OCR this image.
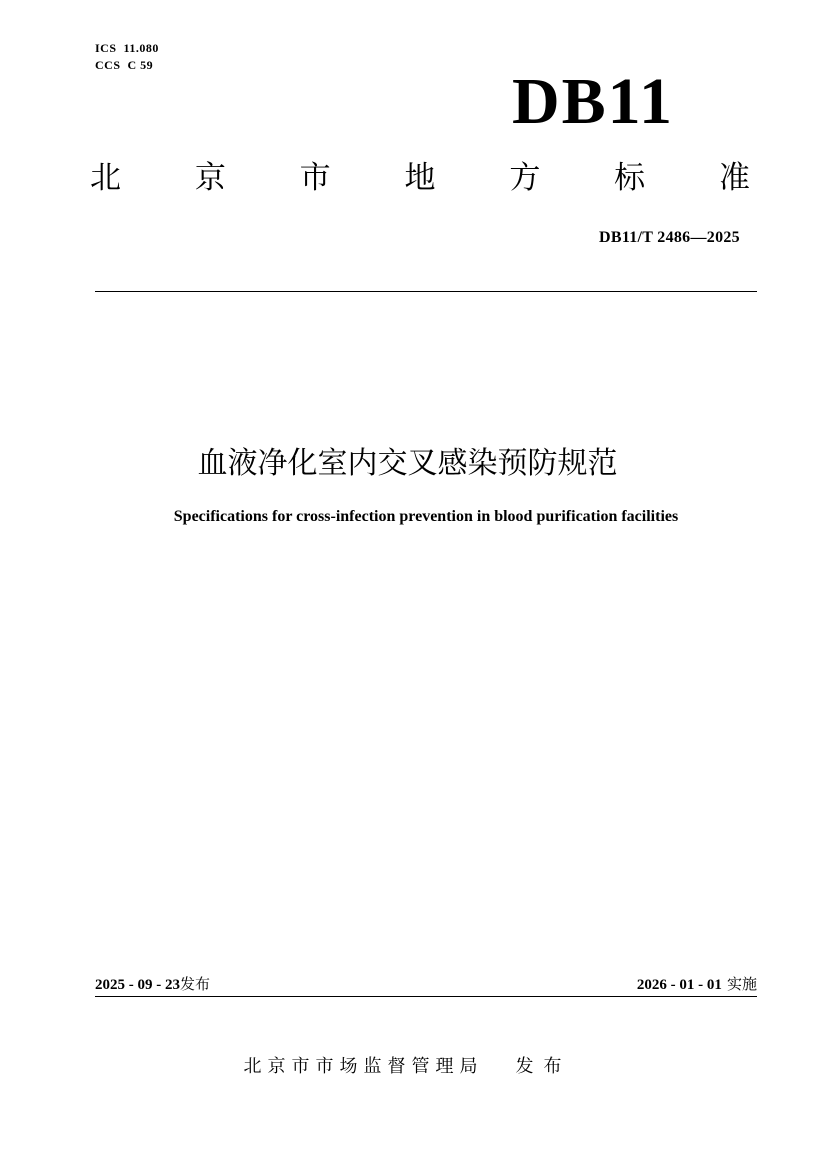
ICS  11.080
CCS  C 59	DB11
北 京 市 地 方 标 准
DB11/T 2486—2025
血液净化室内交叉感染预防规范
Specifications for cross-infection prevention in blood purification facilities
2025 - 09 - 23发布	2026 - 01 - 01 实施
北京市市场监督管理局 发布
